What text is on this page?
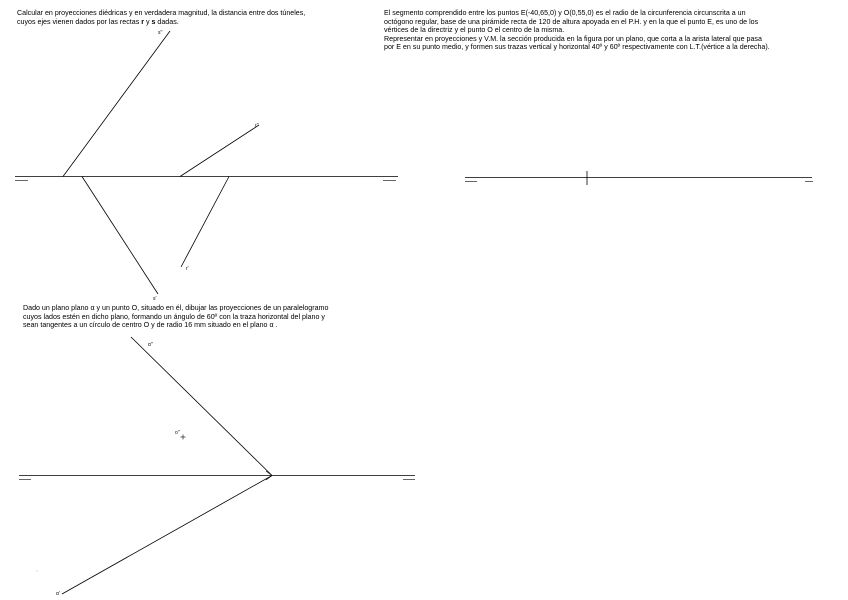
Calcular en proyecciones diédricas y en verdadera magnitud, la distancia entre dos túneles,
cuyos ejes vienen dados por las rectas r y s dadas.
El segmento comprendido entre los puntos E(-40,65,0) y O(0,55,0) es el radio de la circunferencia circunscrita a un
octógono regular, base de una pirámide recta de 120 de altura apoyada en el P.H. y en la que el punto E, es uno de los
vértices de la directriz y el punto O el centro de la misma.
Representar en proyecciones y V.M. la sección producida en la figura por un plano, que corta a la arista lateral que pasa
por E en su punto medio, y formen sus trazas vertical y horizontal 40º y 60º respectivamente con L.T.(vértice a la derecha).
Dado un plano plano α y un punto O, situado en él, dibujar las proyecciones de un paralelogramo
cuyos lados estén en dicho plano, formando un ángulo de 60º con la traza horizontal del plano y
sean tangentes a un círculo de centro O y de radio 16 mm situado en el plano α .
s''
r''
r'
s'
o''
α''
α'
